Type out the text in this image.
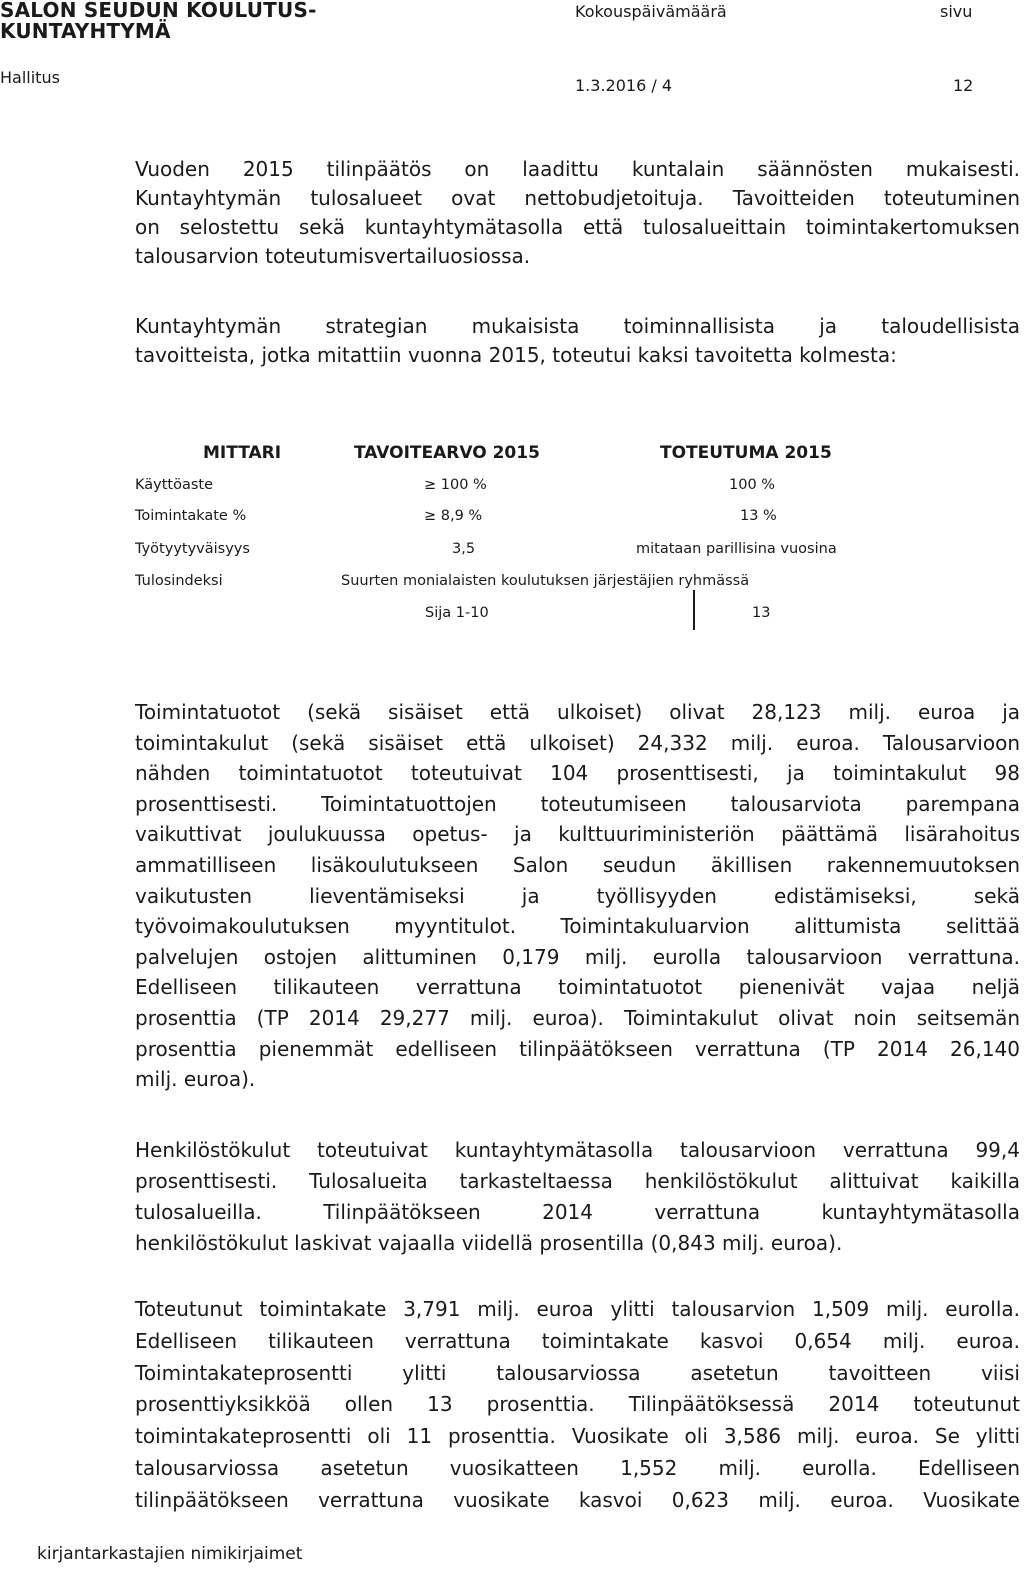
SALON SEUDUN KOULUTUS-
KUNTAYHTYMÄ
Kokouspäivämäärä	sivu
Hallitus	1.3.2016 / 4	12
Vuoden 2015 tilinpäätös on laadittu kuntalain säännösten mukaisesti.
Kuntayhtymän tulosalueet ovat nettobudjetoituja. Tavoitteiden toteutuminen
on selostettu sekä kuntayhtymätasolla että tulosalueittain toimintakertomuksen
talousarvion toteutumisvertailuosiossa.
Kuntayhtymän strategian mukaisista toiminnallisista ja taloudellisista
tavoitteista, jotka mitattiin vuonna 2015, toteutui kaksi tavoitetta kolmesta:
MITTARI	TAVOITEARVO 2015	TOTEUTUMA 2015
Käyttöaste	≥ 100 %	100 %
Toimintakate %	≥ 8,9 %	13 %
Työtyytyväisyys	3,5	mitataan parillisina vuosina
Tulosindeksi	Suurten monialaisten koulutuksen järjestäjien ryhmässä
Sija 1-10	13
Toimintatuotot (sekä sisäiset että ulkoiset) olivat 28,123 milj. euroa ja
toimintakulut (sekä sisäiset että ulkoiset) 24,332 milj. euroa. Talousarvioon
nähden toimintatuotot toteutuivat 104 prosenttisesti, ja toimintakulut 98
prosenttisesti. Toimintatuottojen toteutumiseen talousarviota parempana
vaikuttivat joulukuussa opetus- ja kulttuuriministeriön päättämä lisärahoitus
ammatilliseen lisäkoulutukseen Salon seudun äkillisen rakennemuutoksen
vaikutusten lieventämiseksi ja työllisyyden edistämiseksi, sekä
työvoimakoulutuksen myyntitulot. Toimintakuluarvion alittumista selittää
palvelujen ostojen alittuminen 0,179 milj. eurolla talousarvioon verrattuna.
Edelliseen tilikauteen verrattuna toimintatuotot pienenivät vajaa neljä
prosenttia (TP 2014 29,277 milj. euroa). Toimintakulut olivat noin seitsemän
prosenttia pienemmät edelliseen tilinpäätökseen verrattuna (TP 2014 26,140
milj. euroa).
Henkilöstökulut toteutuivat kuntayhtymätasolla talousarvioon verrattuna 99,4
prosenttisesti. Tulosalueita tarkasteltaessa henkilöstökulut alittuivat kaikilla
tulosalueilla. Tilinpäätökseen 2014 verrattuna kuntayhtymätasolla
henkilöstökulut laskivat vajaalla viidellä prosentilla (0,843 milj. euroa).
Toteutunut toimintakate 3,791 milj. euroa ylitti talousarvion 1,509 milj. eurolla.
Edelliseen tilikauteen verrattuna toimintakate kasvoi 0,654 milj. euroa.
Toimintakateprosentti ylitti talousarviossa asetetun tavoitteen viisi
prosenttiyksikköä ollen 13 prosenttia. Tilinpäätöksessä 2014 toteutunut
toimintakateprosentti oli 11 prosenttia. Vuosikate oli 3,586 milj. euroa. Se ylitti
talousarviossa asetetun vuosikatteen 1,552 milj. eurolla. Edelliseen
tilinpäätökseen verrattuna vuosikate kasvoi 0,623 milj. euroa. Vuosikate
kirjantarkastajien nimikirjaimet
